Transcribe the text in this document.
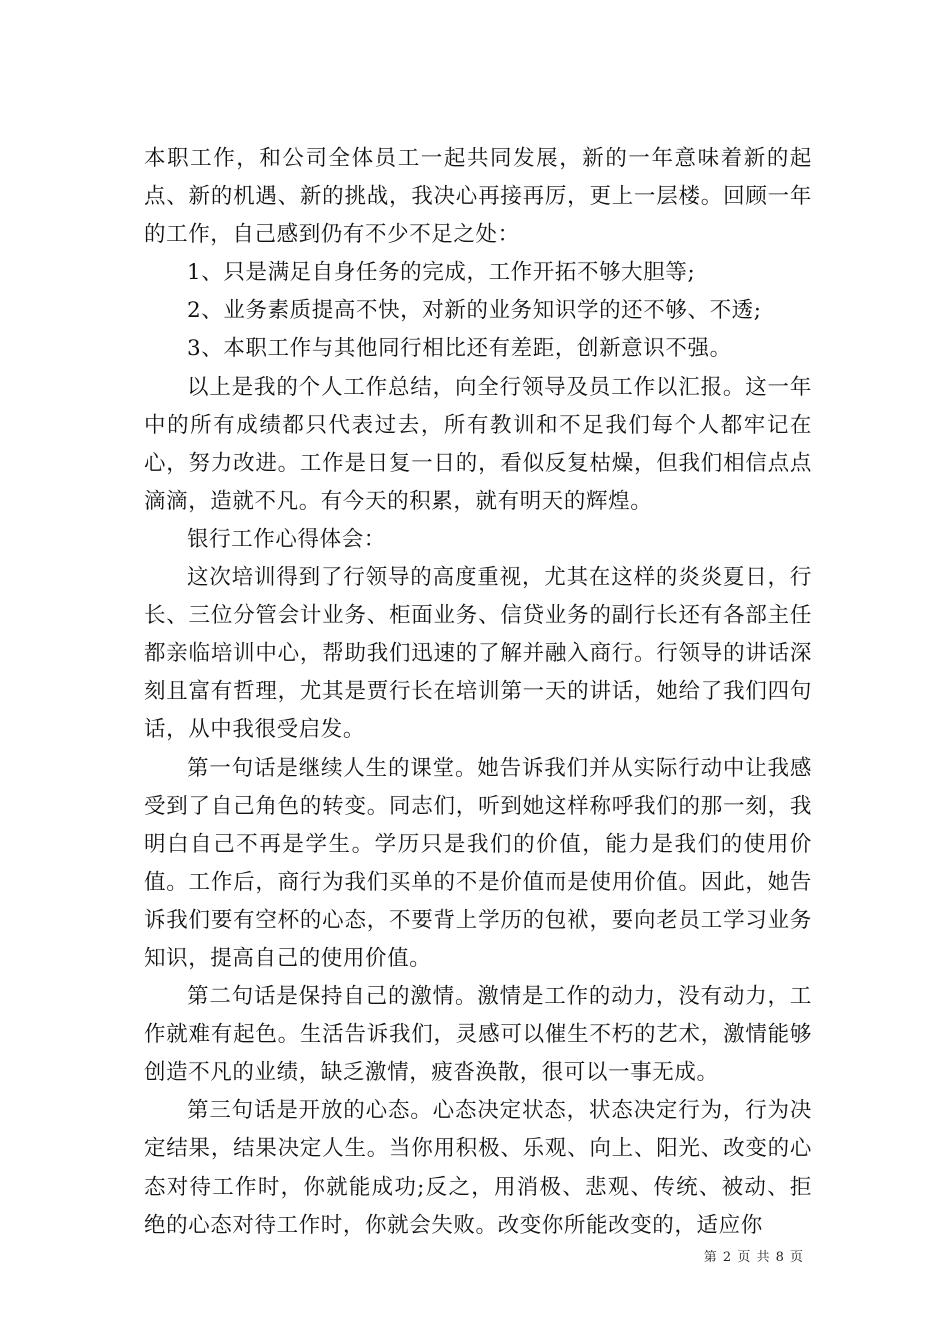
本职工作，和公司全体员工一起共同发展，新的一年意味着新的起点、新的机遇、新的挑战，我决心再接再厉，更上一层楼。回顾一年的工作，自己感到仍有不少不足之处：

1、只是满足自身任务的完成，工作开拓不够大胆等;

2、业务素质提高不快，对新的业务知识学的还不够、不透;

3、本职工作与其他同行相比还有差距，创新意识不强。

以上是我的个人工作总结，向全行领导及员工作以汇报。这一年中的所有成绩都只代表过去，所有教训和不足我们每个人都牢记在心，努力改进。工作是日复一日的，看似反复枯燥，但我们相信点点滴滴，造就不凡。有今天的积累，就有明天的辉煌。

银行工作心得体会：

这次培训得到了行领导的高度重视，尤其在这样的炎炎夏日，行长、三位分管会计业务、柜面业务、信贷业务的副行长还有各部主任都亲临培训中心，帮助我们迅速的了解并融入商行。行领导的讲话深刻且富有哲理，尤其是贾行长在培训第一天的讲话，她给了我们四句话，从中我很受启发。

第一句话是继续人生的课堂。她告诉我们并从实际行动中让我感受到了自己角色的转变。同志们，听到她这样称呼我们的那一刻，我明白自己不再是学生。学历只是我们的价值，能力是我们的使用价值。工作后，商行为我们买单的不是价值而是使用价值。因此，她告诉我们要有空杯的心态，不要背上学历的包袱，要向老员工学习业务知识，提高自己的使用价值。

第二句话是保持自己的激情。激情是工作的动力，没有动力，工作就难有起色。生活告诉我们，灵感可以催生不朽的艺术，激情能够创造不凡的业绩，缺乏激情，疲沓涣散，很可以一事无成。

第三句话是开放的心态。心态决定状态，状态决定行为，行为决定结果，结果决定人生。当你用积极、乐观、向上、阳光、改变的心态对待工作时，你就能成功;反之，用消极、悲观、传统、被动、拒绝的心态对待工作时，你就会失败。改变你所能改变的，适应你

第 2 页 共 8 页
